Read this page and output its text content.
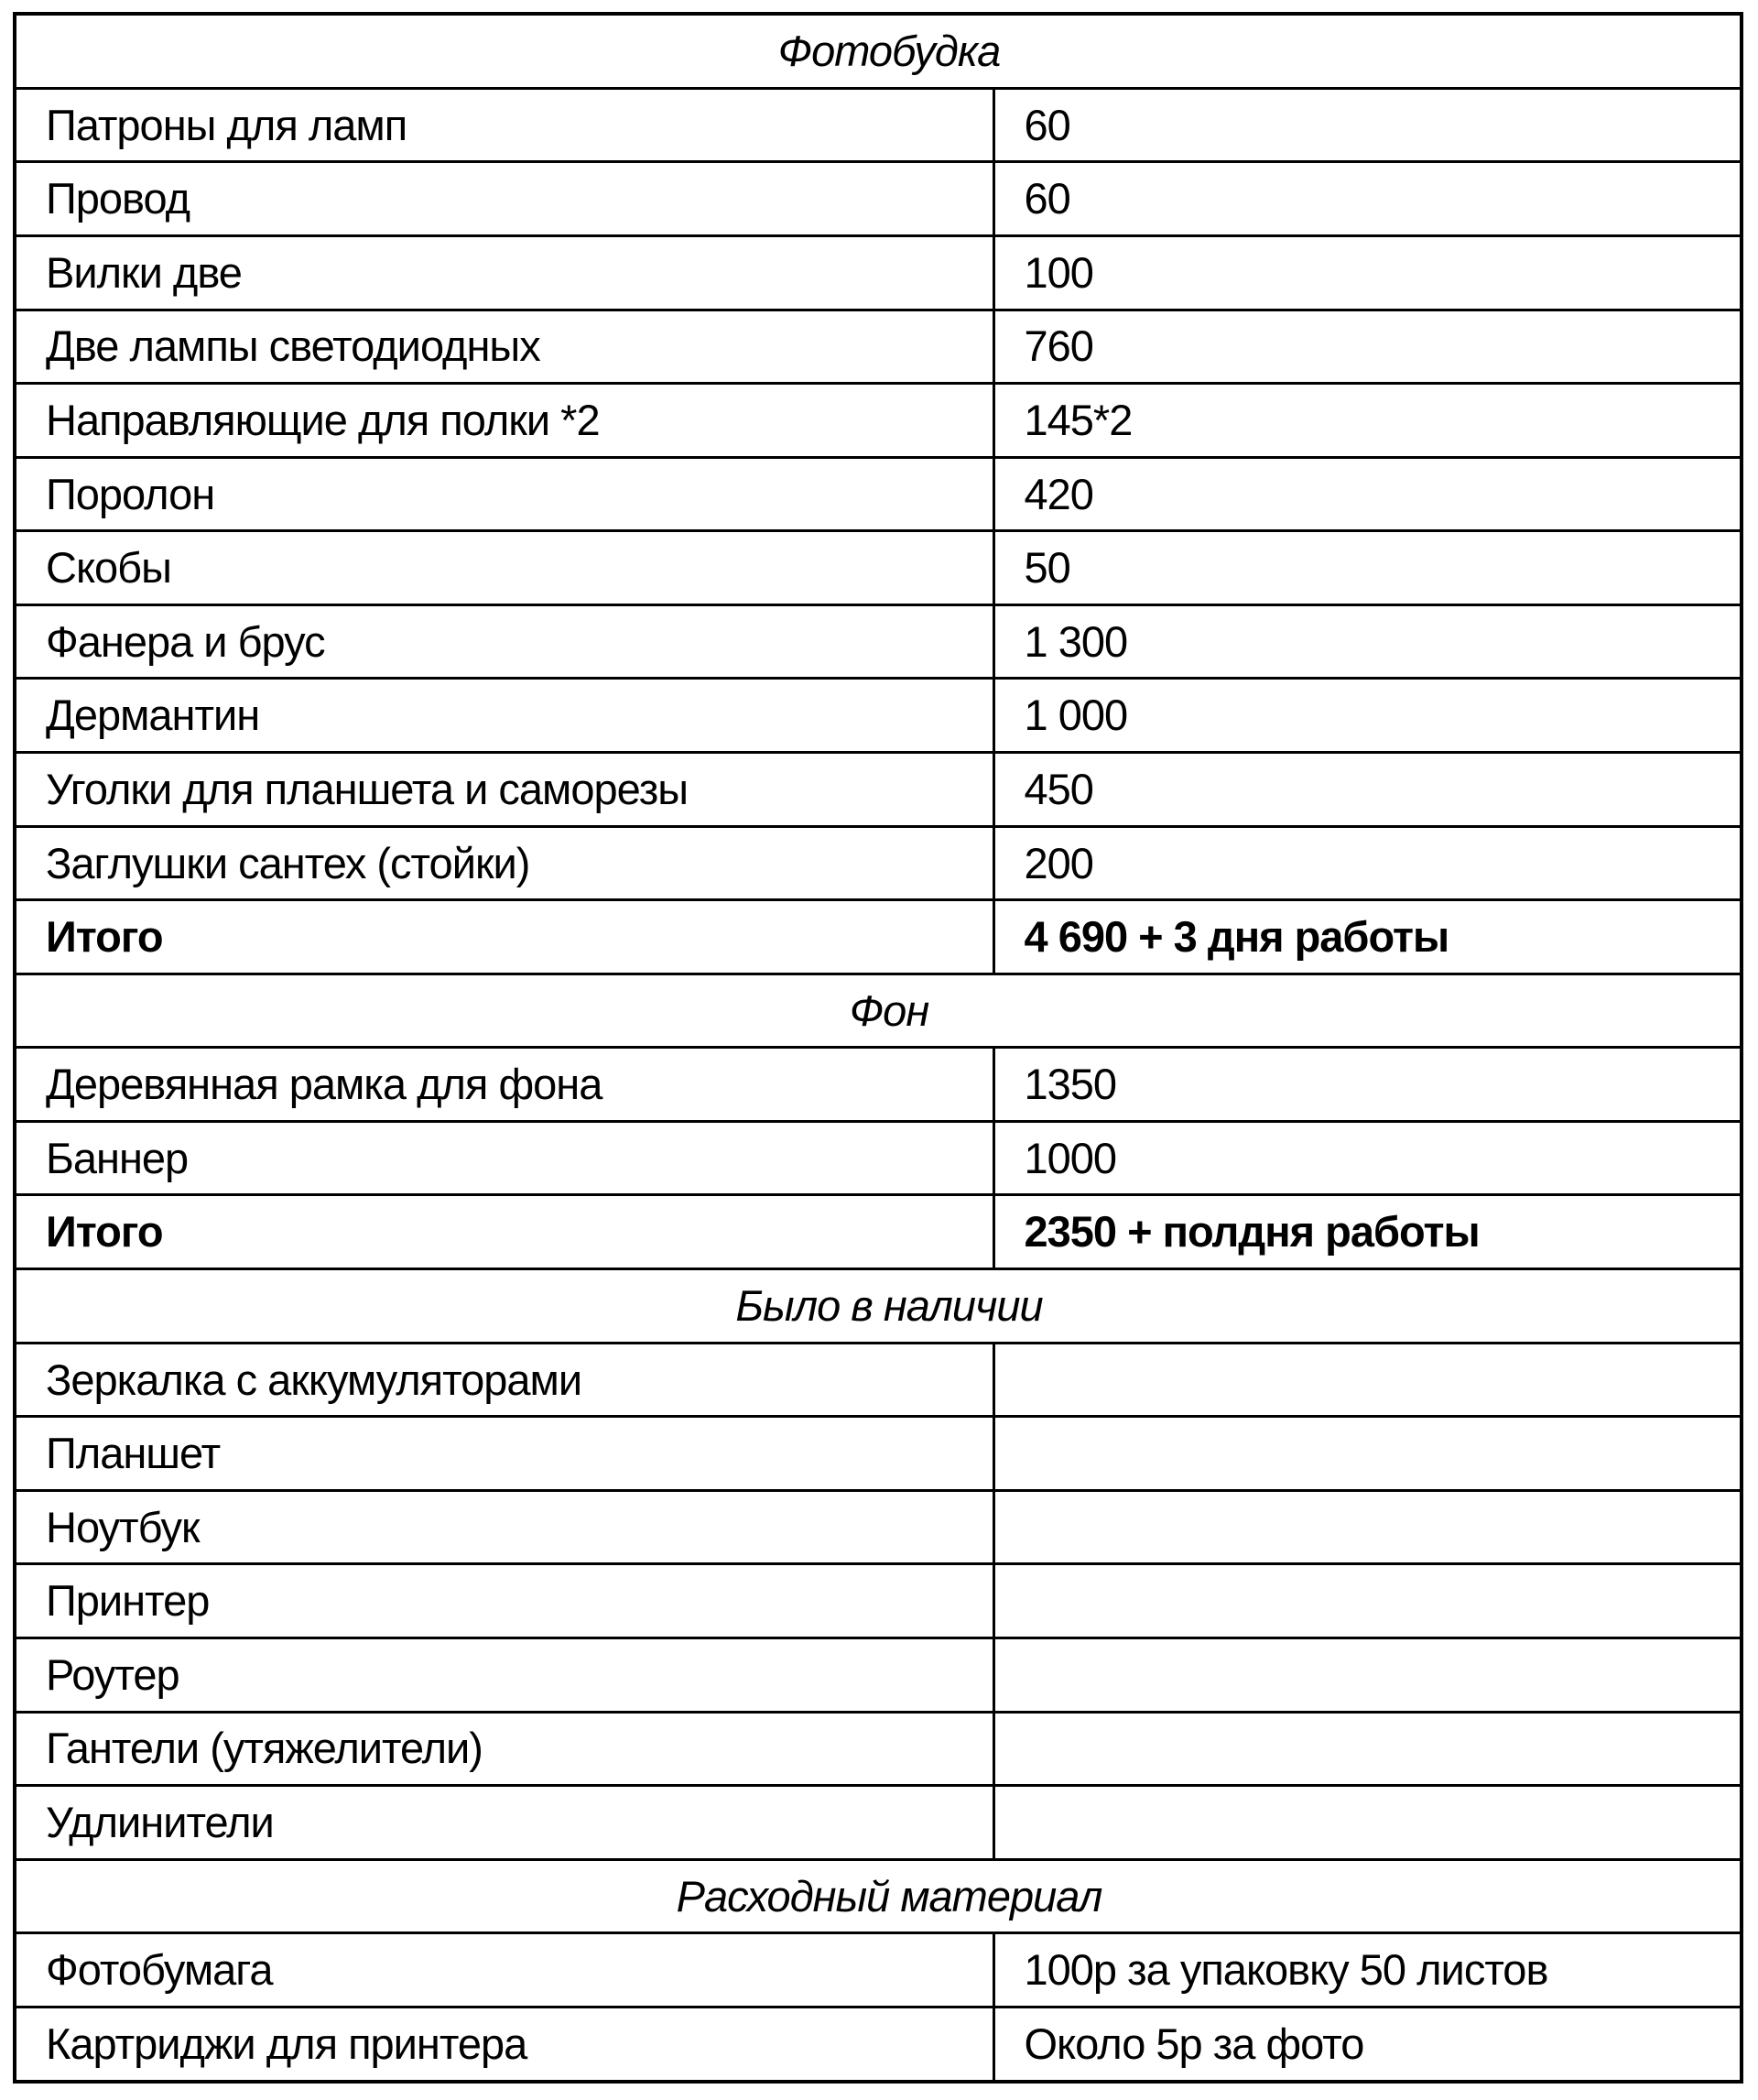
Фотобудка	
Патроны для ламп	60
Провод	60
Вилки две	100
Две лампы светодиодных	760
Направляющие для полки *2	145*2
Поролон	420
Скобы	50
Фанера и брус	1 300
Дермантин	1 000
Уголки для планшета и саморезы	450
Заглушки сантех (стойки)	200
Итого	4 690 + 3 дня работы
Фон	
Деревянная рамка для фона	1350
Баннер	1000
Итого	2350 + полдня работы
Было в наличии	
Зеркалка с аккумуляторами	
Планшет	
Ноутбук	
Принтер	
Роутер	
Гантели (утяжелители)	
Удлинители	
Расходный материал	
Фотобумага	100р за упаковку 50 листов
Картриджи для принтера	Около 5р за фото
